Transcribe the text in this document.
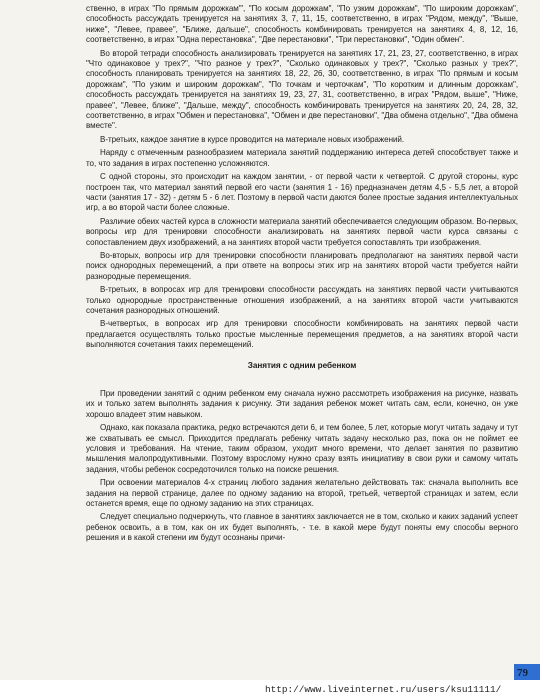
ственно, в играх "По прямым дорожкам"', "По косым дорожкам", "По узким дорожкам", "По широким дорожкам", способность рассуждать тренируется на занятиях 3, 7, 11, 15, соответственно, в играх "Рядом, между", "Выше, ниже", "Левее, правее", "Ближе, дальше", способность комбинировать тренируется на занятиях 4, 8, 12, 16, соответственно, в играх "Одна перестановка", "Две перестановки", "Три перестановки", "Один обмен".

Во второй тетради способность анализировать тренируется на занятиях 17, 21, 23, 27, соответственно, в играх "Что одинаковое у трех?", "Что разное у трех?", "Сколько одинаковых у трех?", "Сколько разных у трех?", способность планировать тренируется на занятиях 18, 22, 26, 30, соответственно, в играх "По прямым и косым дорожкам", "По узким и широким дорожкам", "По точкам и черточкам", "По коротким и длинным дорожкам", способность рассуждать тренируется на занятиях 19, 23, 27, 31, соответственно, в играх "Рядом, выше", "Ниже, правее", "Левее, ближе", "Дальше, между", способность комбинировать тренируется на занятиях 20, 24, 28, 32, соответственно, в играх "Обмен и перестановка", "Обмен и две перестановки", "Два обмена отдельно", "Два обмена вместе".

В-третьих, каждое занятие в курсе проводится на материале новых изображений.

Наряду с отмеченным разнообразием материала занятий поддержанию интереса детей способствует также и то, что задания в играх постепенно усложняются.

С одной стороны, это происходит на каждом занятии, - от первой части к четвертой. С другой стороны, курс построен так, что материал занятий первой его части (занятия 1 - 16) предназначен детям 4,5 - 5,5 лет, а второй части (занятия 17 - 32) - детям 5 - 6 лет. Поэтому в первой части даются более простые задания интеллектуальных игр, а во второй части более сложные.

Различие обеих частей курса в сложности материала занятий обеспечивается следующим образом. Во-первых, вопросы игр для тренировки способности анализировать на занятиях первой части курса связаны с сопоставлением двух изображений, а на занятиях второй части требуется сопоставлять три изображения.

Во-вторых, вопросы игр для тренировки способности планировать предполагают на занятиях первой части поиск однородных перемещений, а при ответе на вопросы этих игр на занятиях второй части требуется найти разнородные перемещения.

В-третьих, в вопросах игр для тренировки способности рассуждать на занятиях первой части учитываются только однородные пространственные отношения изображений, а на занятиях второй части учитываются сочетания разнородных отношений.

В-четвертых, в вопросах игр для тренировки способности комбинировать на занятиях первой части предлагается осуществлять только простые мысленные перемещения предметов, а на занятиях второй части выполняются сочетания таких перемещений.

Занятия с одним ребенком

При проведении занятий с одним ребенком ему сначала нужно рассмотреть изображения на рисунке, назвать их и только затем выполнять задания к рисунку. Эти задания ребенок может читать сам, если, конечно, он уже хорошо владеет этим навыком.

Однако, как показала практика, редко встречаются дети 6, и тем более, 5 лет, которые могут читать задачу и тут же схватывать ее смысл. Приходится предлагать ребенку читать задачу несколько раз, пока он не поймет ее условия и требования. На чтение, таким образом, уходит много времени, что делает занятия по развитию мышления малопродуктивными. Поэтому взрослому нужно сразу взять инициативу в свои руки и самому читать задания, чтобы ребенок сосредоточился только на поиске решения.

При освоении материалов 4-х страниц любого задания желательно действовать так: сначала выполнить все задания на первой странице, далее по одному заданию на второй, третьей, четвертой страницах и затем, если останется время, еще по одному заданию на этих страницах.

Следует специально подчеркнуть, что главное в занятиях заключается не в том, сколько и каких заданий успеет ребенок освоить, а в том, как он их будет выполнять, - т.е. в какой мере будут поняты ему способы верного решения и в какой степени им будут осознаны причи-

79
http://www.liveinternet.ru/users/ksu11111/
